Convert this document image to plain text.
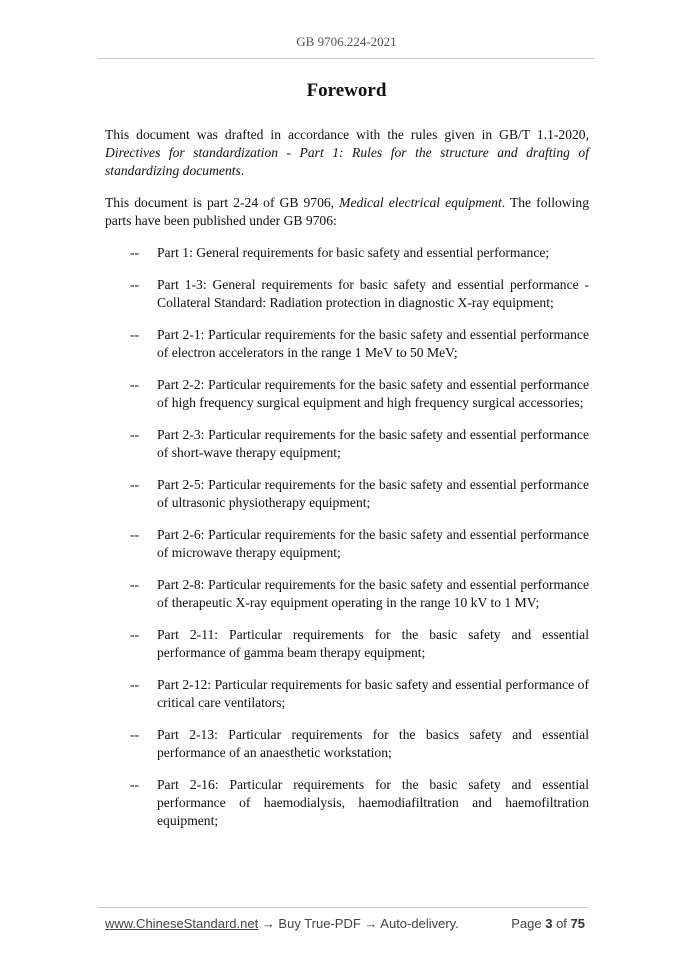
GB 9706.224-2021
Foreword

This document was drafted in accordance with the rules given in GB/T 1.1-2020, Directives for standardization - Part 1: Rules for the structure and drafting of standardizing documents.

This document is part 2-24 of GB 9706, Medical electrical equipment. The following parts have been published under GB 9706:

--	Part 1: General requirements for basic safety and essential performance;
--	Part 1-3: General requirements for basic safety and essential performance - Collateral Standard: Radiation protection in diagnostic X-ray equipment;
--	Part 2-1: Particular requirements for the basic safety and essential performance of electron accelerators in the range 1 MeV to 50 MeV;
--	Part 2-2: Particular requirements for the basic safety and essential performance of high frequency surgical equipment and high frequency surgical accessories;
--	Part 2-3: Particular requirements for the basic safety and essential performance of short-wave therapy equipment;
--	Part 2-5: Particular requirements for the basic safety and essential performance of ultrasonic physiotherapy equipment;
--	Part 2-6: Particular requirements for the basic safety and essential performance of microwave therapy equipment;
--	Part 2-8: Particular requirements for the basic safety and essential performance of therapeutic X-ray equipment operating in the range 10 kV to 1 MV;
--	Part 2-11: Particular requirements for the basic safety and essential performance of gamma beam therapy equipment;
--	Part 2-12: Particular requirements for basic safety and essential performance of critical care ventilators;
--	Part 2-13: Particular requirements for the basics safety and essential performance of an anaesthetic workstation;
--	Part 2-16: Particular requirements for the basic safety and essential performance of haemodialysis, haemodiafiltration and haemofiltration equipment;
www.ChineseStandard.net → Buy True-PDF → Auto-delivery.	Page 3 of 75
